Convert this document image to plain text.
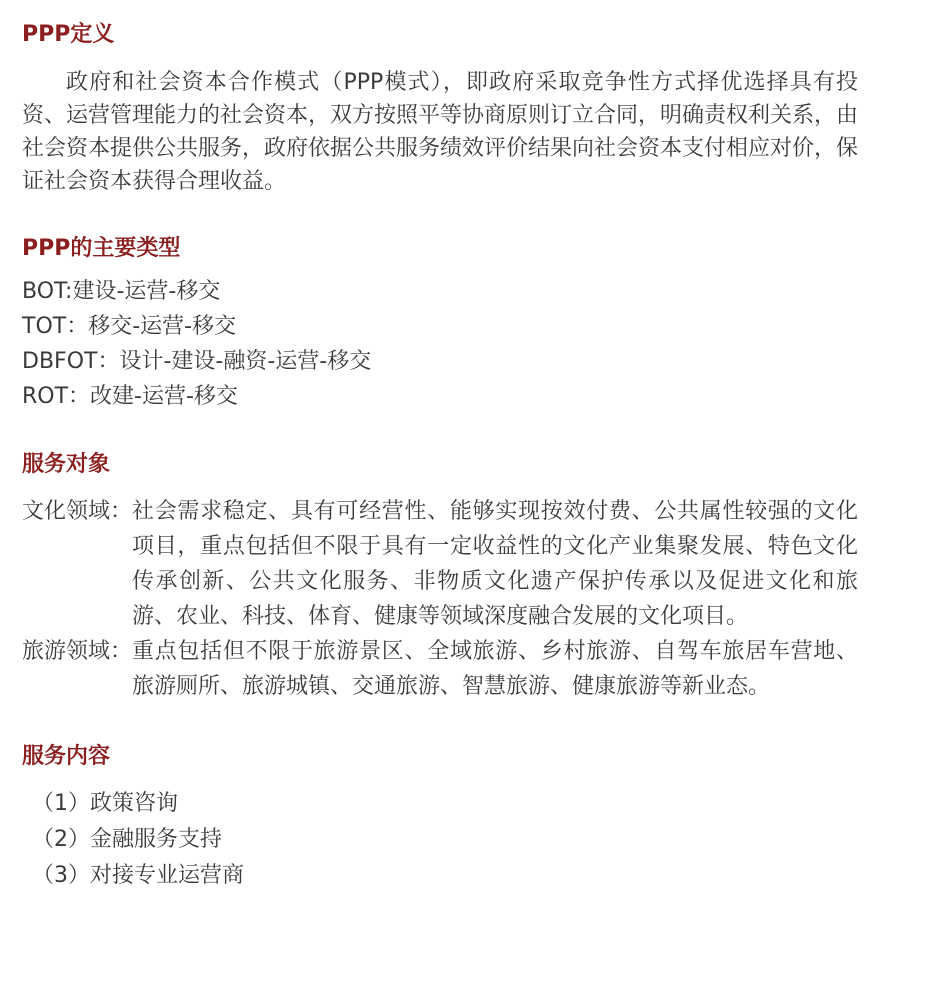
PPP定义

政府和社会资本合作模式（PPP模式），即政府采取竞争性方式择优选择具有投资、运营管理能力的社会资本，双方按照平等协商原则订立合同，明确责权利关系，由社会资本提供公共服务，政府依据公共服务绩效评价结果向社会资本支付相应对价，保证社会资本获得合理收益。

PPP的主要类型
BOT:建设-运营-移交
TOT：移交-运营-移交
DBFOT：设计-建设-融资-运营-移交
ROT：改建-运营-移交
服务对象
文化领域： 社会需求稳定、具有可经营性、能够实现按效付费、公共属性较强的文化项目，重点包括但不限于具有一定收益性的文化产业集聚发展、特色文化传承创新、公共文化服务、非物质文化遗产保护传承以及促进文化和旅游、农业、科技、体育、健康等领域深度融合发展的文化项目。
旅游领域： 重点包括但不限于旅游景区、全域旅游、乡村旅游、自驾车旅居车营地、旅游厕所、旅游城镇、交通旅游、智慧旅游、健康旅游等新业态。
服务内容
（1）政策咨询
（2）金融服务支持
（3）对接专业运营商
